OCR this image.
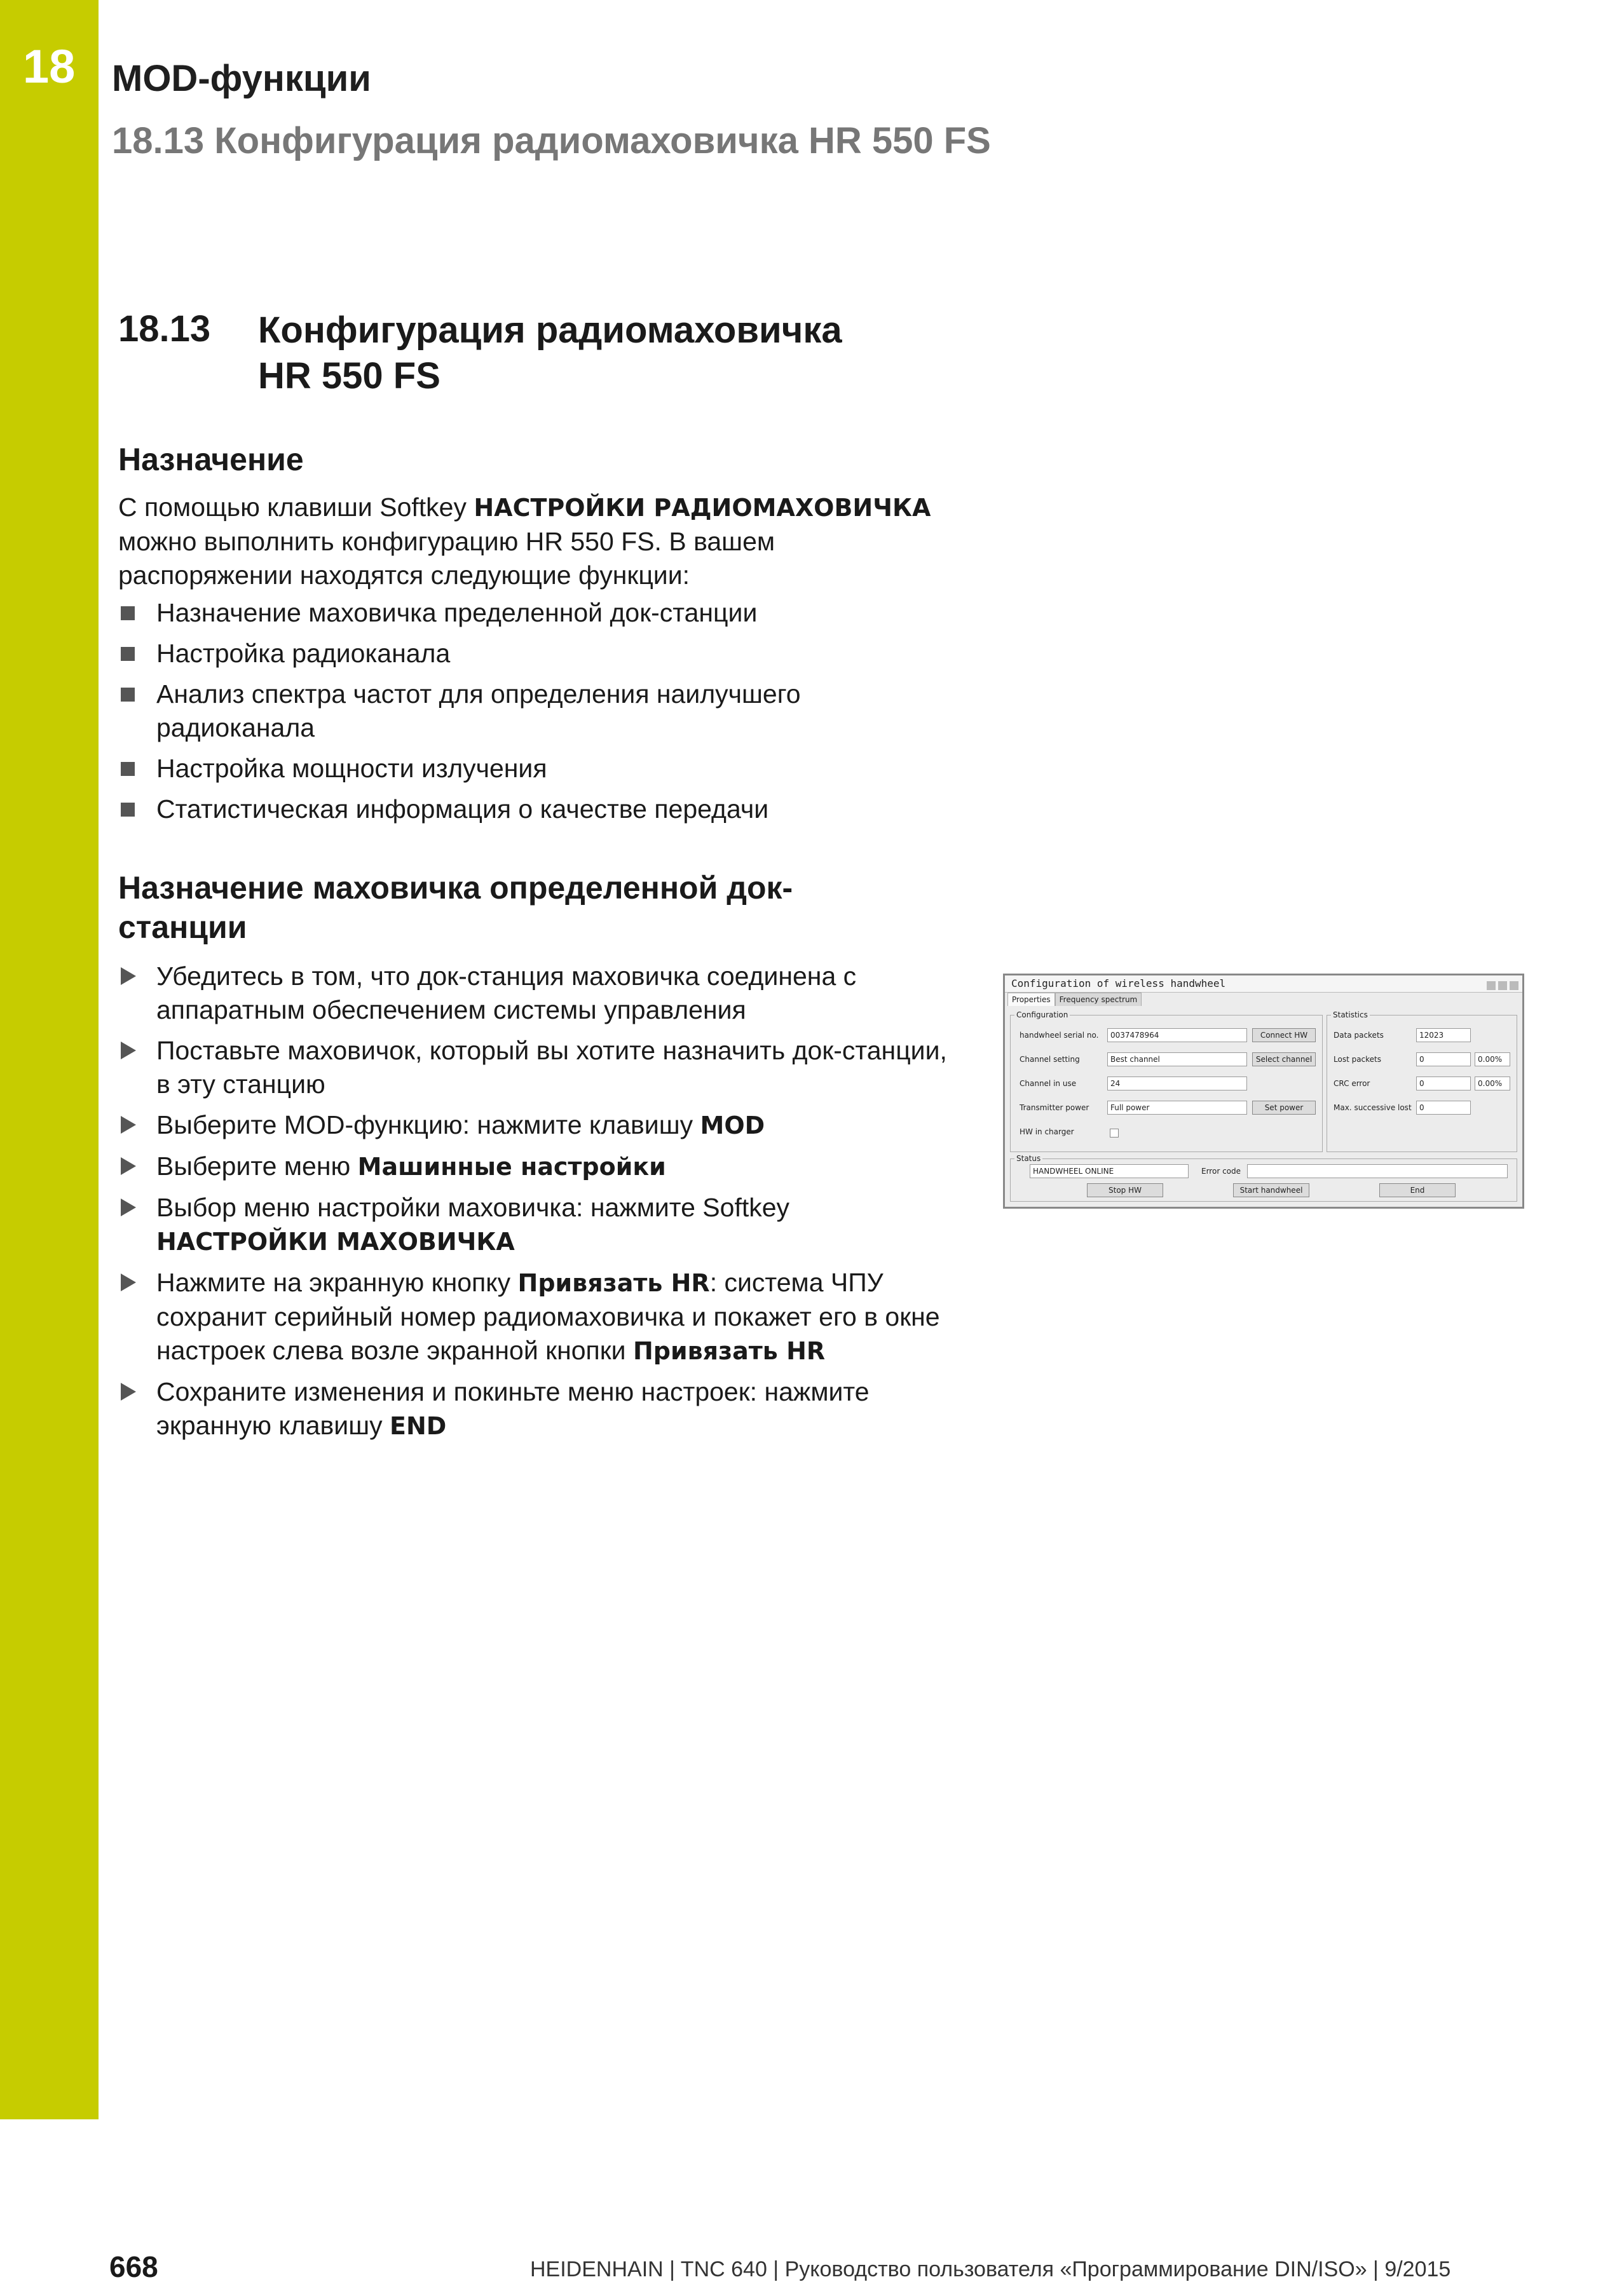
18 MOD-функции
18.13 Конфигурация радиомаховичка HR 550 FS
18.13 Конфигурация радиомаховичка
HR 550 FS
Назначение
С помощью клавиши Softkey НАСТРОЙКИ РАДИОМАХОВИЧКА можно выполнить конфигурацию HR 550 FS. В вашем распоряжении находятся следующие функции:
Назначение маховичка пределенной док-станции
Настройка радиоканала
Анализ спектра частот для определения наилучшего радиоканала
Настройка мощности излучения
Статистическая информация о качестве передачи
Назначение маховичка определенной док-станции
Убедитесь в том, что док-станция маховичка соединена с аппаратным обеспечением системы управления
Поставьте маховичок, который вы хотите назначить док-станции, в эту станцию
Выберите MOD-функцию: нажмите клавишу MOD
Выберите меню Машинные настройки
Выбор меню настройки маховичка: нажмите Softkey НАСТРОЙКИ МАХОВИЧКА
Нажмите на экранную кнопку Привязать HR: система ЧПУ сохранит серийный номер радиомаховичка и покажет его в окне настроек слева возле экранной кнопки Привязать HR
Сохраните изменения и покиньте меню настроек: нажмите экранную клавишу END
Configuration of wireless handwheel
Properties Frequency spectrum
Configuration
handwheel serial no.	0037478964	Connect HW
Channel setting	Best channel	Select channel
Channel in use	24
Transmitter power	Full power	Set power
HW in charger
Statistics
Data packets	12023
Lost packets	0	0.00%
CRC error	0	0.00%
Max. successive lost	0
Status
HANDWHEEL ONLINE	Error code
Stop HW	Start handwheel	End
668	HEIDENHAIN | TNC 640 | Руководство пользователя «Программирование DIN/ISO» | 9/2015
